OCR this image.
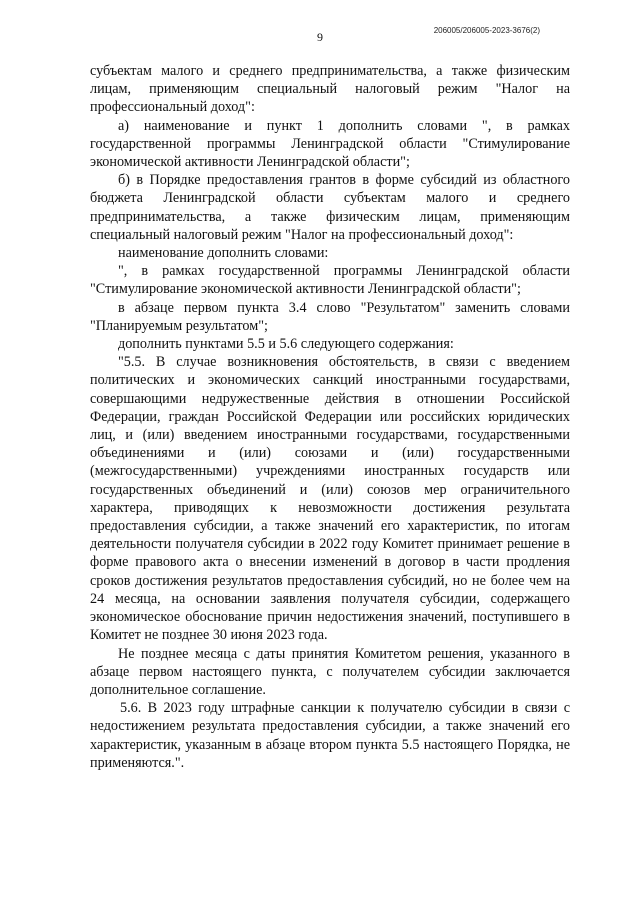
9	206005/206005-2023-3676(2)

субъектам малого и среднего предпринимательства, а также физическим лицам, применяющим специальный налоговый режим "Налог на профессиональный доход":

а) наименование и пункт 1 дополнить словами ", в рамках государственной программы Ленинградской области "Стимулирование экономической активности Ленинградской области";

б) в Порядке предоставления грантов в форме субсидий из областного бюджета Ленинградской области субъектам малого и среднего предпринимательства, а также физическим лицам, применяющим специальный налоговый режим "Налог на профессиональный доход":

наименование дополнить словами:

", в рамках государственной программы Ленинградской области "Стимулирование экономической активности Ленинградской области";

в абзаце первом пункта 3.4 слово "Результатом" заменить словами "Планируемым результатом";

дополнить пунктами 5.5 и 5.6 следующего содержания:

"5.5. В случае возникновения обстоятельств, в связи с введением политических и экономических санкций иностранными государствами, совершающими недружественные действия в отношении Российской Федерации, граждан Российской Федерации или российских юридических лиц, и (или) введением иностранными государствами, государственными объединениями и (или) союзами и (или) государственными (межгосударственными) учреждениями иностранных государств или государственных объединений и (или) союзов мер ограничительного характера, приводящих к невозможности достижения результата предоставления субсидии, а также значений его характеристик, по итогам деятельности получателя субсидии в 2022 году Комитет принимает решение в форме правового акта о внесении изменений в договор в части продления сроков достижения результатов предоставления субсидий, но не более чем на 24 месяца, на основании заявления получателя субсидии, содержащего экономическое обоснование причин недостижения значений, поступившего в Комитет не позднее 30 июня 2023 года.

Не позднее месяца с даты принятия Комитетом решения, указанного в абзаце первом настоящего пункта, с получателем субсидии заключается дополнительное соглашение.

5.6. В 2023 году штрафные санкции к получателю субсидии в связи с недостижением результата предоставления субсидии, а также значений его характеристик, указанным в абзаце втором пункта 5.5 настоящего Порядка, не применяются.".
